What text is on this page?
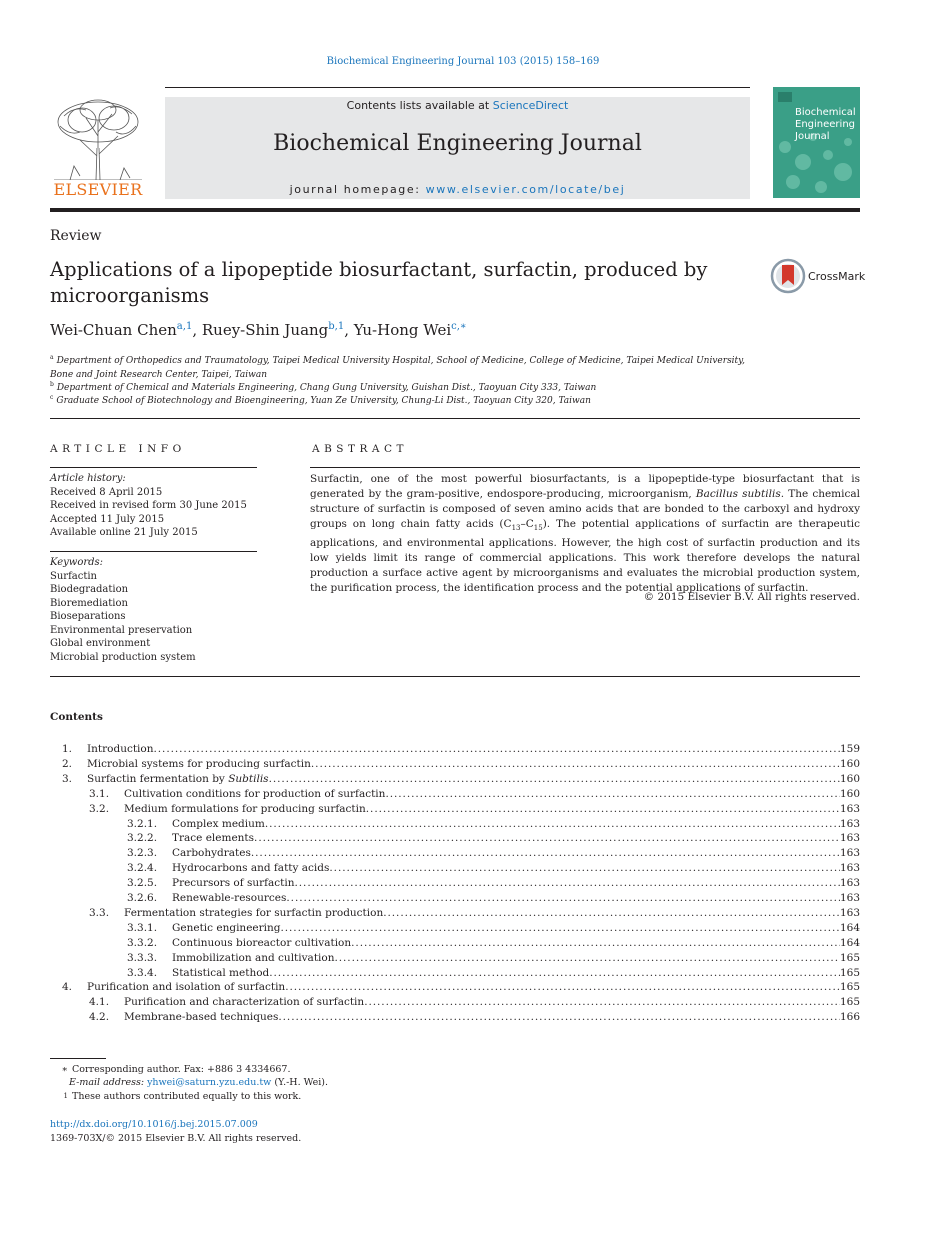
Biochemical Engineering Journal 103 (2015) 158–169
ELSEVIER
Contents lists available at ScienceDirect
Biochemical Engineering Journal
journal homepage: www.elsevier.com/locate/bej
Biochemical
Engineering
Journal
Review
Applications of a lipopeptide biosurfactant, surfactin, produced by microorganisms
CrossMark
Wei-Chuan Chen$^{a,1}$, Ruey-Shin Juang$^{b,1}$, Yu-Hong Wei$^{c,∗}$
$^a$ Department of Orthopedics and Traumatology, Taipei Medical University Hospital, School of Medicine, College of Medicine, Taipei Medical University, Bone and Joint Research Center, Taipei, Taiwan
$^b$ Department of Chemical and Materials Engineering, Chang Gung University, Guishan Dist., Taoyuan City 333, Taiwan
$^c$ Graduate School of Biotechnology and Bioengineering, Yuan Ze University, Chung-Li Dist., Taoyuan City 320, Taiwan
ARTICLE INFO
Article history:
Received 8 April 2015
Received in revised form 30 June 2015
Accepted 11 July 2015
Available online 21 July 2015
Keywords:
Surfactin
Biodegradation
Bioremediation
Bioseparations
Environmental preservation
Global environment
Microbial production system
ABSTRACT
Surfactin, one of the most powerful biosurfactants, is a lipopeptide-type biosurfactant that is generated by the gram-positive, endospore-producing, microorganism, Bacillus subtilis. The chemical structure of surfactin is composed of seven amino acids that are bonded to the carboxyl and hydroxy groups on long chain fatty acids $(C_{13}-C_{15})$. The potential applications of surfactin are therapeutic applications, and environmental applications. However, the high cost of surfactin production and its low yields limit its range of commercial applications. This work therefore develops the natural production a surface active agent by microorganisms and evaluates the microbial production system, the purification process, the identification process and the potential applications of surfactin.
© 2015 Elsevier B.V. All rights reserved.
Contents
1. Introduction . . .	159
2. Microbial systems for producing surfactin . . .	160
3. Surfactin fermentation by Subtilis . . .	160
3.1. Cultivation conditions for production of surfactin . . .	160
3.2. Medium formulations for producing surfactin . . .	163
3.2.1. Complex medium . . .	163
3.2.2. Trace elements . . .	163
3.2.3. Carbohydrates . . .	163
3.2.4. Hydrocarbons and fatty acids . . .	163
3.2.5. Precursors of surfactin . . .	163
3.2.6. Renewable-resources . . .	163
3.3. Fermentation strategies for surfactin production . . .	163
3.3.1. Genetic engineering . . .	164
3.3.2. Continuous bioreactor cultivation . . .	164
3.3.3. Immobilization and cultivation . . .	165
3.3.4. Statistical method . . .	165
4. Purification and isolation of surfactin . . .	165
4.1. Purification and characterization of surfactin . . .	165
4.2. Membrane-based techniques . . .	166
∗ Corresponding author. Fax: +886 3 4334667.
E-mail address: yhwei@saturn.yzu.edu.tw (Y.-H. Wei).
1 These authors contributed equally to this work.
http://dx.doi.org/10.1016/j.bej.2015.07.009
1369-703X/© 2015 Elsevier B.V. All rights reserved.
